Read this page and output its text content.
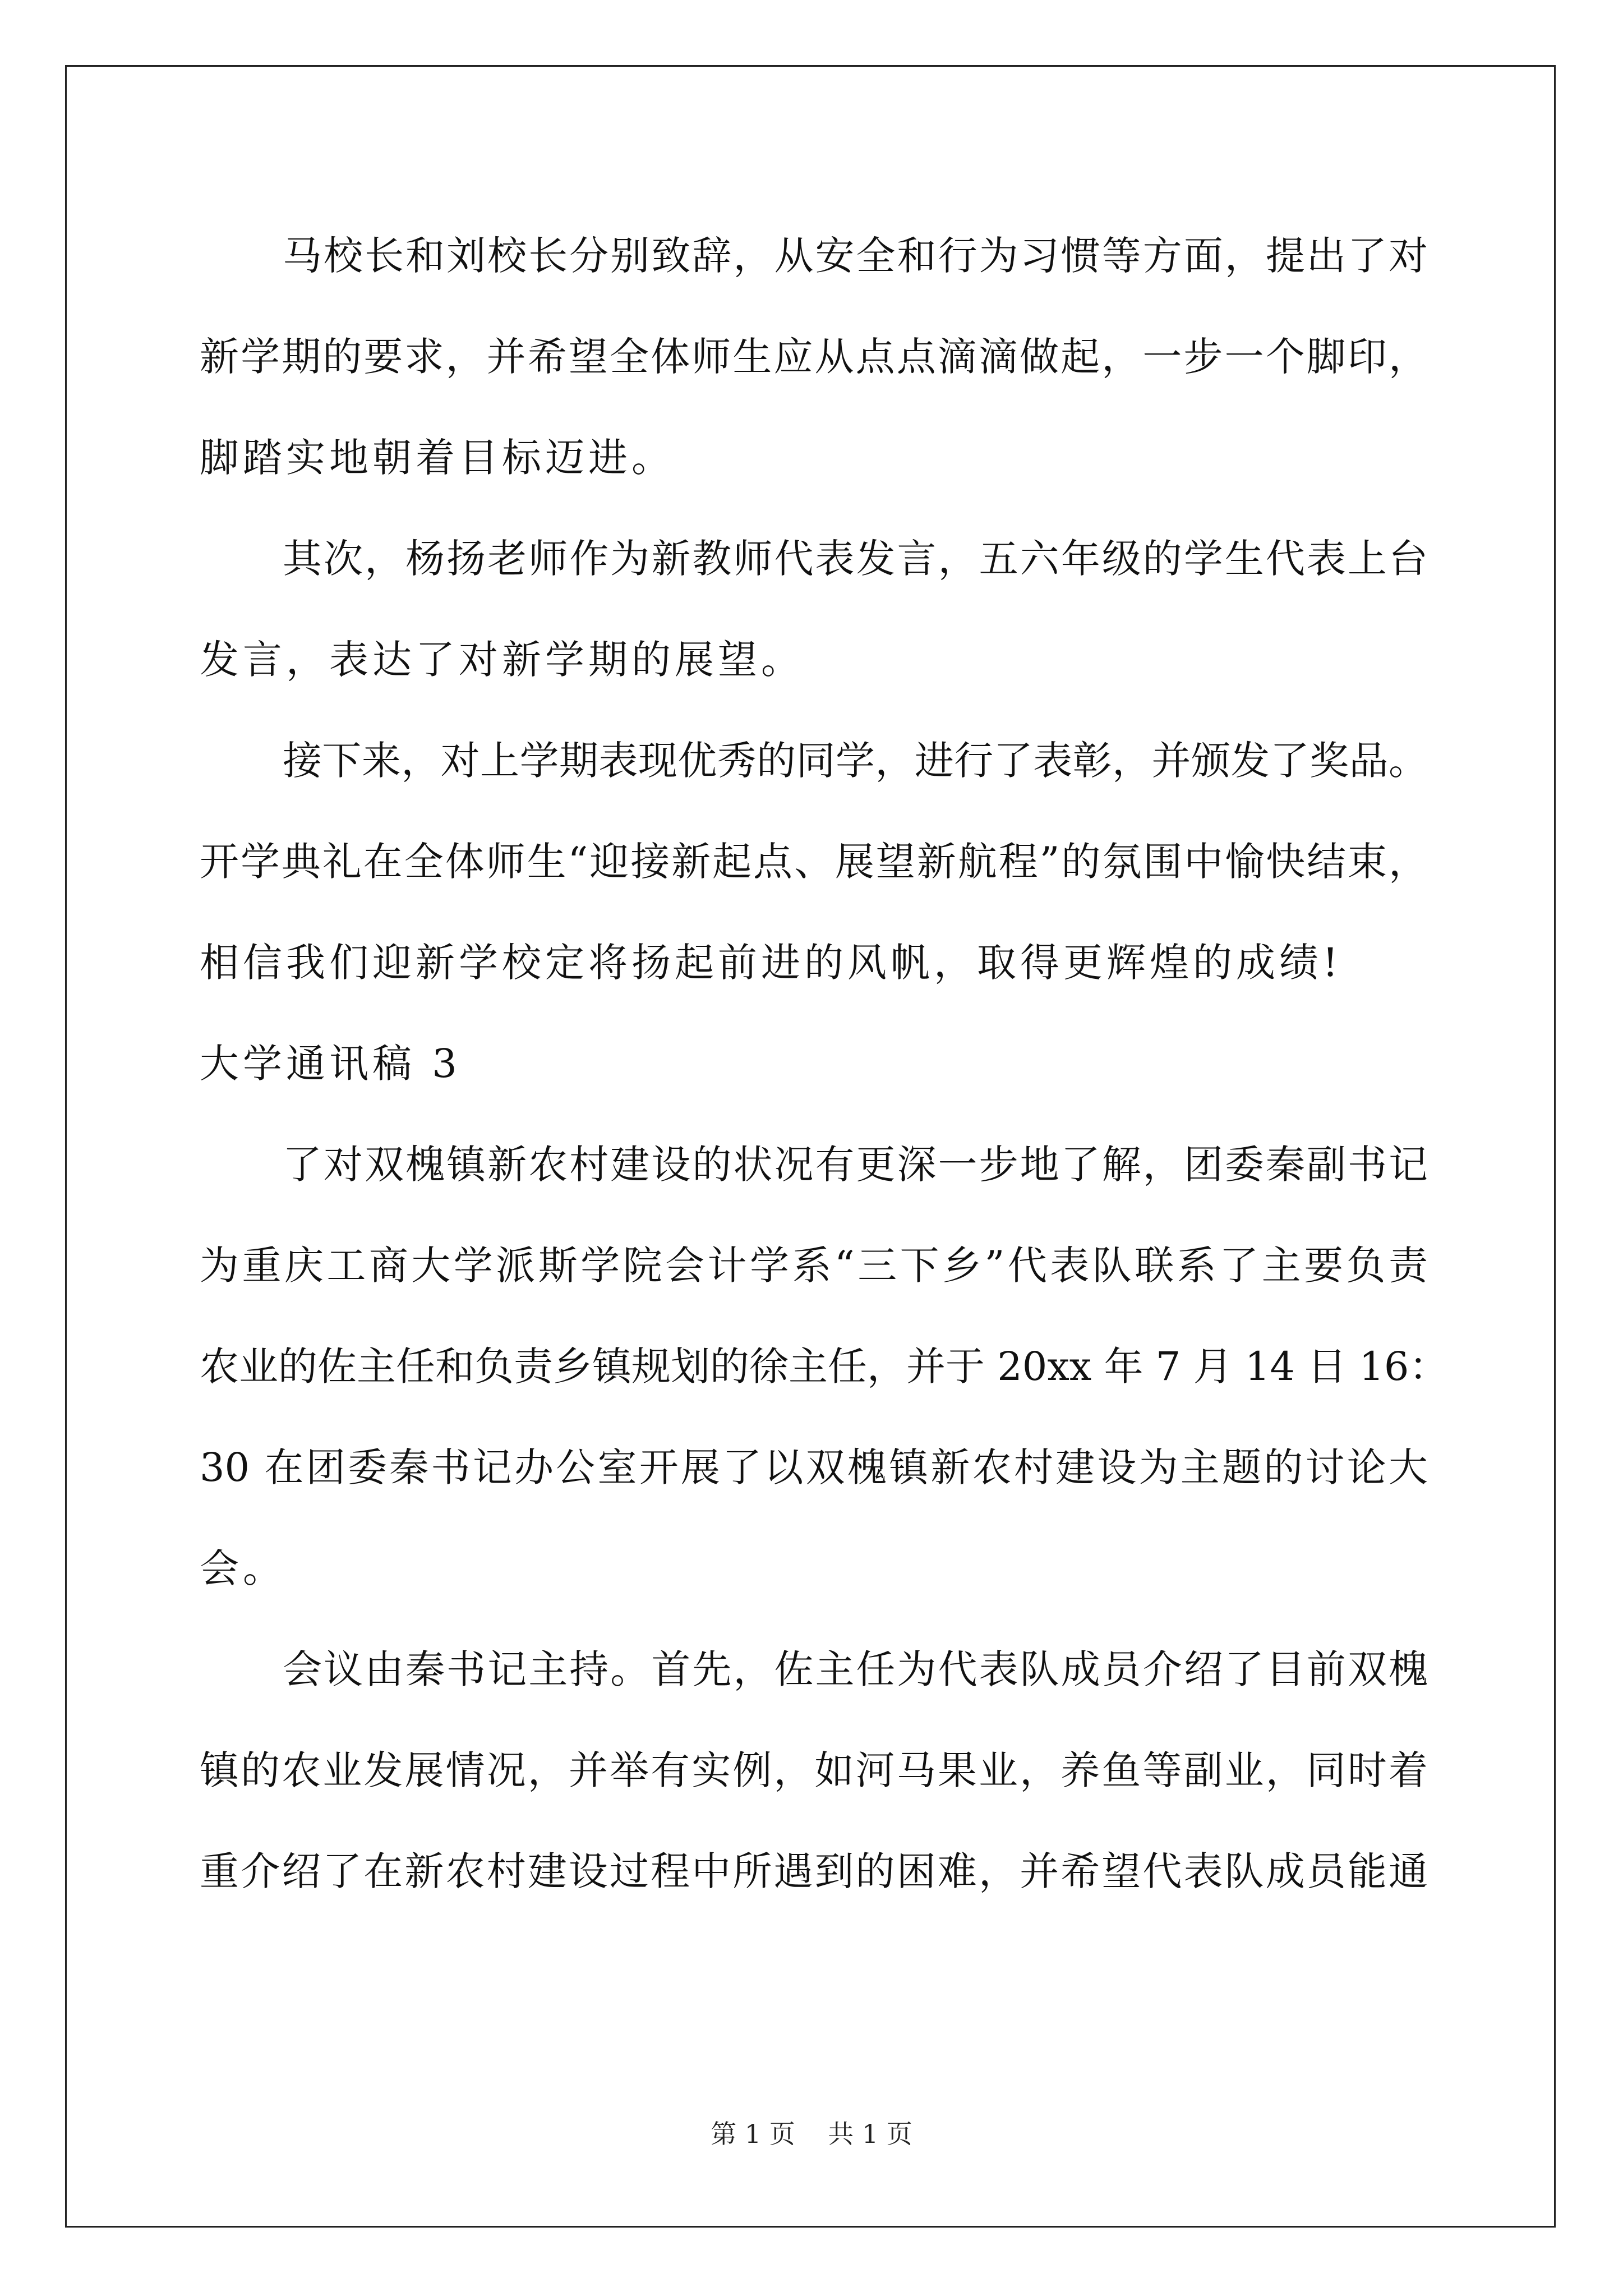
马校长和刘校长分别致辞，从安全和行为习惯等方面，提出了对
新学期的要求，并希望全体师生应从点点滴滴做起，一步一个脚印，
脚踏实地朝着目标迈进。
其次，杨扬老师作为新教师代表发言，五六年级的学生代表上台
发言，表达了对新学期的展望。
接下来，对上学期表现优秀的同学，进行了表彰，并颁发了奖品。
开学典礼在全体师生“迎接新起点、展望新航程”的氛围中愉快结束，
相信我们迎新学校定将扬起前进的风帆，取得更辉煌的成绩!
大学通讯稿 3
了对双槐镇新农村建设的状况有更深一步地了解，团委秦副书记
为重庆工商大学派斯学院会计学系“三下乡”代表队联系了主要负责
农业的佐主任和负责乡镇规划的徐主任，并于 20xx 年 7 月 14 日 16：
30 在团委秦书记办公室开展了以双槐镇新农村建设为主题的讨论大
会。
会议由秦书记主持。首先，佐主任为代表队成员介绍了目前双槐
镇的农业发展情况，并举有实例，如河马果业，养鱼等副业，同时着
重介绍了在新农村建设过程中所遇到的困难，并希望代表队成员能通
第 1 页    共 1 页
